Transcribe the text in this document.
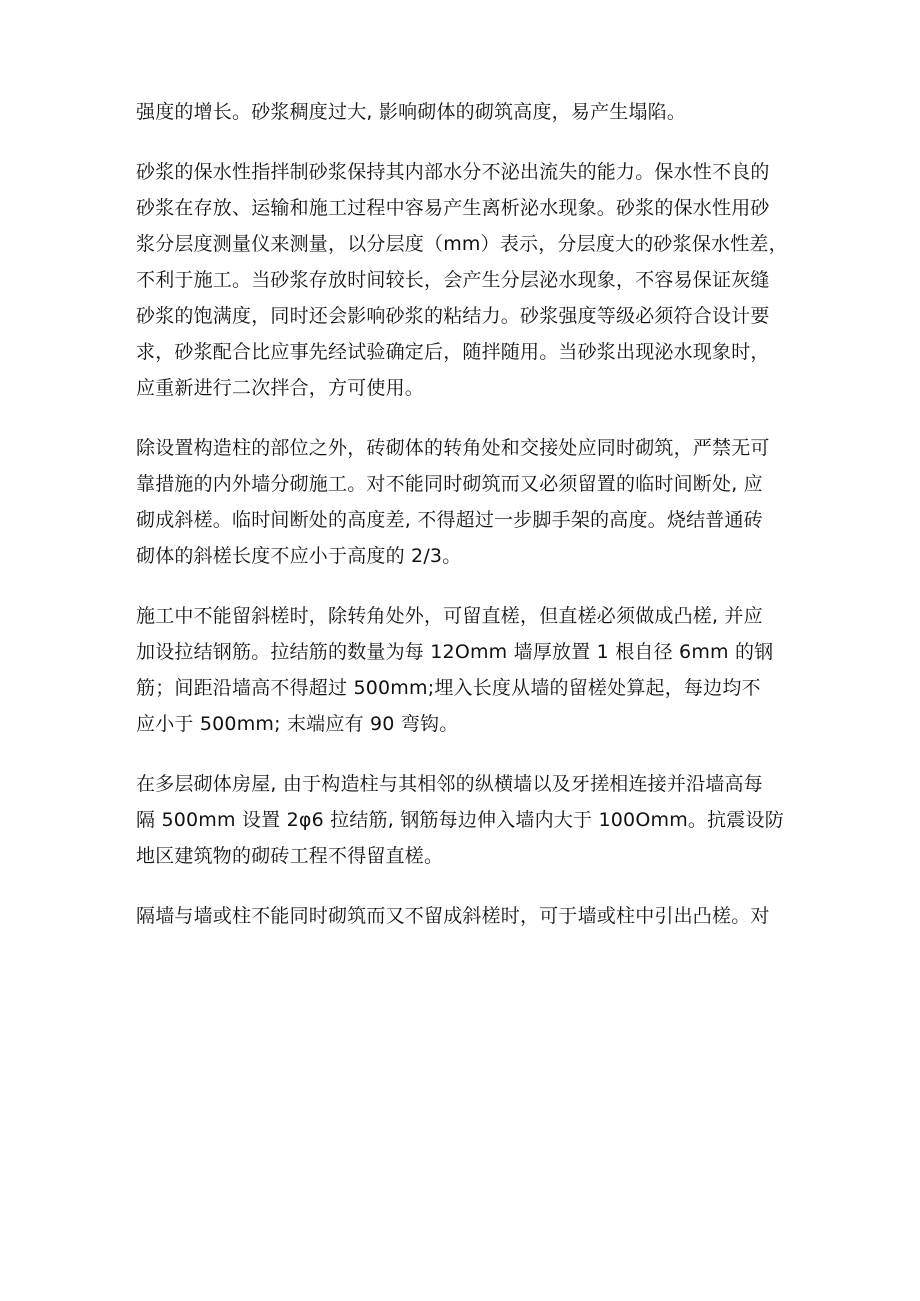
强度的增长。砂浆稠度过大, 影响砌体的砌筑高度，易产生塌陷。
砂浆的保水性指拌制砂浆保持其内部水分不泌出流失的能力。保水性不良的
砂浆在存放、运输和施工过程中容易产生离析泌水现象。砂浆的保水性用砂
浆分层度测量仪来测量，以分层度（mm）表示，分层度大的砂浆保水性差，
不利于施工。当砂浆存放时间较长，会产生分层泌水现象，不容易保证灰缝
砂浆的饱满度，同时还会影响砂浆的粘结力。砂浆强度等级必须符合设计要
求，砂浆配合比应事先经试验确定后，随拌随用。当砂浆出现泌水现象时，
应重新进行二次拌合，方可使用。
除设置构造柱的部位之外，砖砌体的转角处和交接处应同时砌筑，严禁无可
靠措施的内外墙分砌施工。对不能同时砌筑而又必须留置的临时间断处, 应
砌成斜槎。临时间断处的高度差, 不得超过一步脚手架的高度。烧结普通砖
砌体的斜槎长度不应小于高度的 2/3。
施工中不能留斜槎时，除转角处外，可留直槎，但直槎必须做成凸槎, 并应
加设拉结钢筋。拉结筋的数量为每 12Omm 墙厚放置 1 根自径 6mm 的钢
筋；间距沿墙高不得超过 500mm;埋入长度从墙的留槎处算起，每边均不
应小于 500mm; 末端应有 90 弯钩。
在多层砌体房屋, 由于构造柱与其相邻的纵横墙以及牙搓相连接并沿墙高每
隔 500mm 设置 2φ6 拉结筋, 钢筋每边伸入墙内大于 100Omm。抗震设防
地区建筑物的砌砖工程不得留直槎。
隔墙与墙或柱不能同时砌筑而又不留成斜槎时，可于墙或柱中引出凸槎。对
